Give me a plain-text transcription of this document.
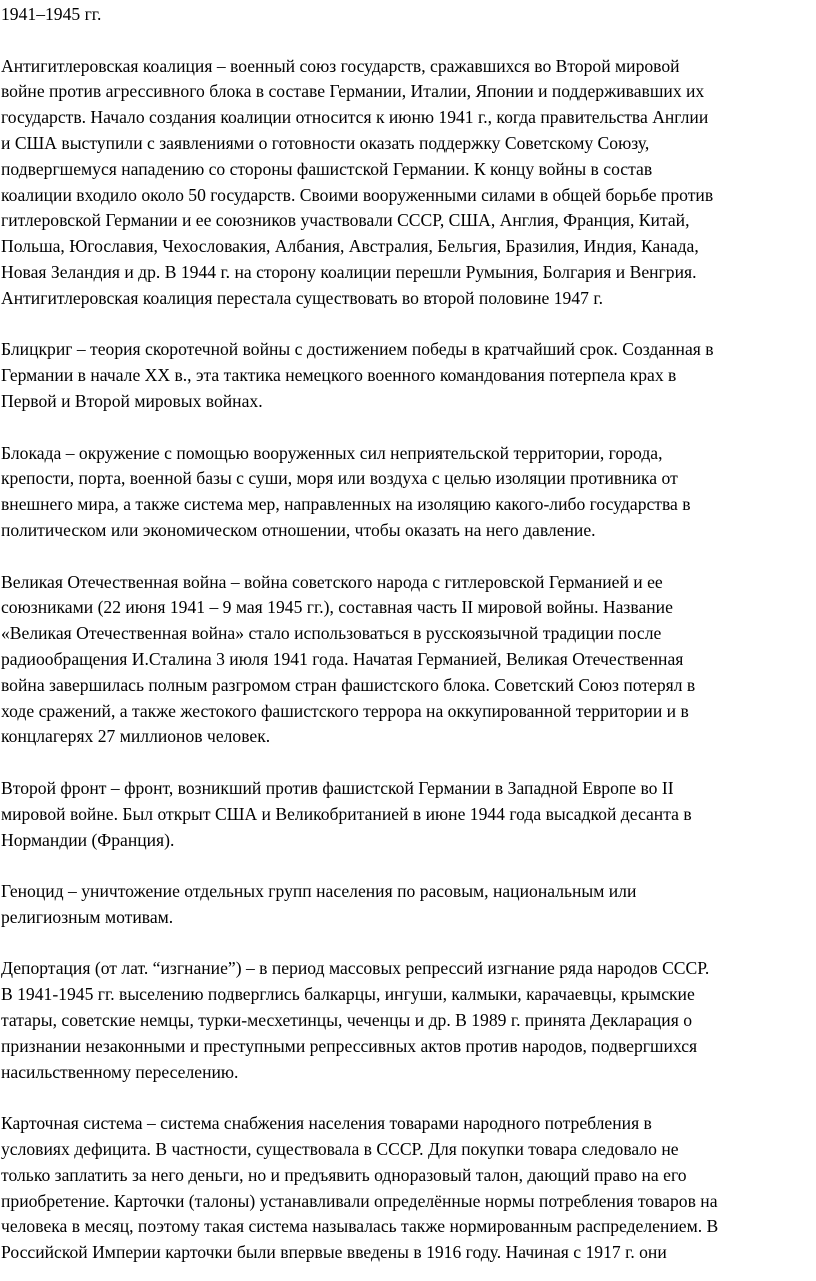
1941–1945 гг.

Антигитлеровская коалиция – военный союз государств, сражавшихся во Второй мировой

войне против агрессивного блока в составе Германии, Италии, Японии и поддерживавших их

государств. Начало создания коалиции относится к июню 1941 г., когда правительства Англии

и США выступили с заявлениями о готовности оказать поддержку Советскому Союзу,

подвергшемуся нападению со стороны фашистской Германии. К концу войны в состав

коалиции входило около 50 государств. Своими вооруженными силами в общей борьбе против

гитлеровской Германии и ее союзников участвовали СССР, США, Англия, Франция, Китай,

Польша, Югославия, Чехословакия, Албания, Австралия, Бельгия, Бразилия, Индия, Канада,

Новая Зеландия и др. В 1944 г. на сторону коалиции перешли Румыния, Болгария и Венгрия.

Антигитлеровская коалиция перестала существовать во второй половине 1947 г.

Блицкриг – теория скоротечной войны с достижением победы в кратчайший срок. Созданная в

Германии в начале XX в., эта тактика немецкого военного командования потерпела крах в

Первой и Второй мировых войнах.

Блокада – окружение с помощью вооруженных сил неприятельской территории, города,

крепости, порта, военной базы с суши, моря или воздуха с целью изоляции противника от

внешнего мира, а также система мер, направленных на изоляцию какого-либо государства в

политическом или экономическом отношении, чтобы оказать на него давление.

Великая Отечественная война – война советского народа с гитлеровской Германией и ее

союзниками (22 июня 1941 – 9 мая 1945 гг.), составная часть II мировой войны. Название

«Великая Отечественная война» стало использоваться в русскоязычной традиции после

радиообращения И.Сталина 3 июля 1941 года. Начатая Германией, Великая Отечественная

война завершилась полным разгромом стран фашистского блока. Советский Союз потерял в

ходе сражений, а также жестокого фашистского террора на оккупированной территории и в

концлагерях 27 миллионов человек.

Второй фронт – фронт, возникший против фашистской Германии в Западной Европе во II

мировой войне. Был открыт США и Великобританией в июне 1944 года высадкой десанта в

Нормандии (Франция).

Геноцид – уничтожение отдельных групп населения по расовым, национальным или

религиозным мотивам.

Депортация (от лат. “изгнание”) – в период массовых репрессий изгнание ряда народов СССР.

В 1941-1945 гг. выселению подверглись балкарцы, ингуши, калмыки, карачаевцы, крымские

татары, советские немцы, турки-месхетинцы, чеченцы и др. В 1989 г. принята Декларация о

признании незаконными и преступными репрессивных актов против народов, подвергшихся

насильственному переселению.

Карточная система – система снабжения населения товарами народного потребления в

условиях дефицита. В частности, существовала в СССР. Для покупки товара следовало не

только заплатить за него деньги, но и предъявить одноразовый талон, дающий право на его

приобретение. Карточки (талоны) устанавливали определённые нормы потребления товаров на

человека в месяц, поэтому такая система называлась также нормированным распределением. В

Российской Империи карточки были впервые введены в 1916 году. Начиная с 1917 г. они
